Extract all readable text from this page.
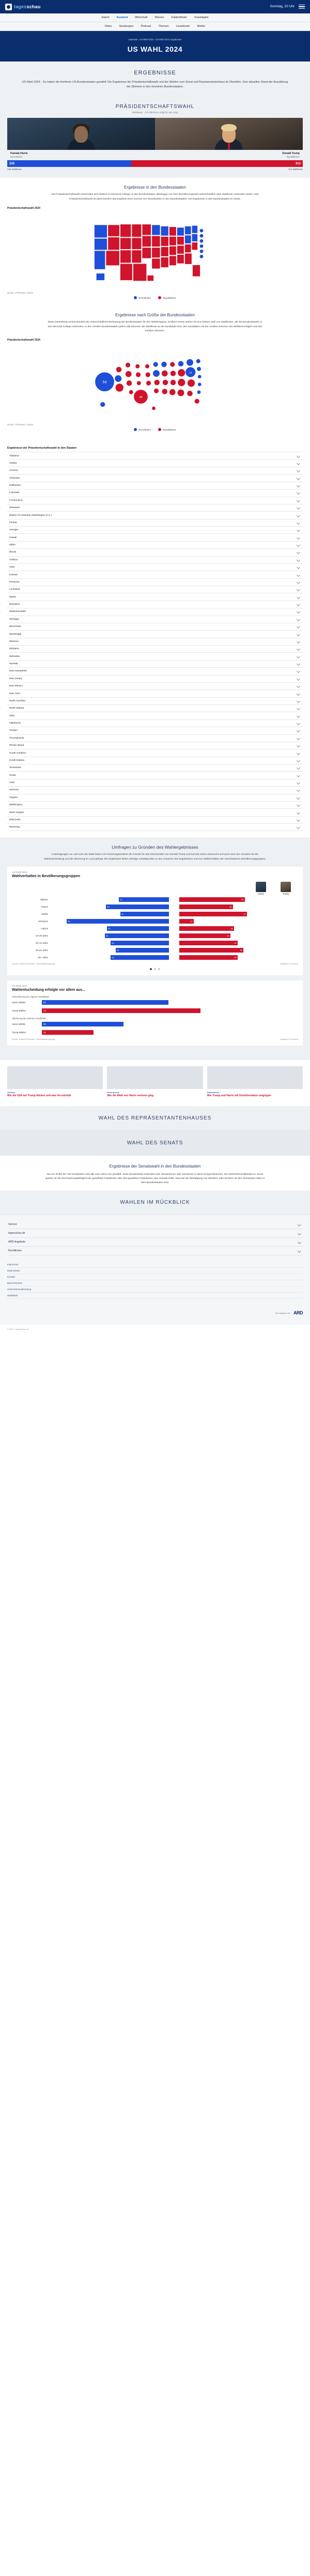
tagesschau	Sonntag, 20 Uhr
Inland	Ausland	Wirtschaft	Wissen	Faktenfinder	Investigativ
Video	Sendungen	Podcast	Themen	Livestream	Wetter
Startseite › US-Wahl 2024 › US-Wahl 2024: Ergebnisse
US WAHL 2024
ERGEBNISSE

US-Wahl 2024 – Es haben die Konferen US-Bundesstaaten gewählt: Die Ergebnisse der Präsidentschaftswahl und der Wahlen zum Senat und Repräsentantenhaus im Überblick. Zum aktuellen Stand der Auszählung der Stimmen in den einzelnen Bundesstaaten.

PRÄSIDENTSCHAFTSWAHL
Wahlleute · 270 Stimmen nötig für den Sieg
Kamala Harris
Demokraten
Donald Trump
Republikaner
226	312
226 Wahlleute	312 Wahlleute
Ergebnisse in den Bundesstaaten

Das Präsidentschaftswahl entscheidet sich letztlich im Electoral College: In den Bundesstaaten abhängige von ihrer Bevölkerungszahl unterschiedlich viele Wahlleute entsenden dürfen. Das Präsidentschaftswahl ist damit letztlich das Ergebnis einer Summe von Einzelwahlen in den Bundesstaaten. Die Ergebnisse in den Bundesstaaten im Detail.

Präsidentschaftswahl 2024
Quelle: AP/Reuters, eigene
Demokraten	Republikaner
Ergebnisse nach Größe der Bundesstaaten

Diese Darstellung veranschaulicht die unterschiedliche Bedeutung der Bundesstaaten für den Wahlausgang. Größere Kreise stehen für eine höhere Zahl von Wahlleuten, die der Bundesstaaten in das Electoral College entsenden. In den meisten Bundesstaaten gehen alle Stimmen der Wahlleute an die Kandidatin bzw. den Kandidaten mit der meisten Stimmen der Wahlberechtigten und den meisten Stimmen.

Präsidentschaftswahl 2024
54
40
19
Quelle: AP/Reuters, eigene
Demokraten	Republikaner
Ergebnisse der Präsidentschaftswahl in den Staaten
Alabama
Alaska
Arizona
Arkansas
Kalifornien
Colorado
Connecticut
Delaware
District of Columbia (Washington D.C.)
Florida
Georgia
Hawaii
Idaho
Illinois
Indiana
Iowa
Kansas
Kentucky
Louisiana
Maine
Maryland
Massachusetts
Michigan
Minnesota
Mississippi
Missouri
Montana
Nebraska
Nevada
New Hampshire
New Jersey
New Mexico
New York
North Carolina
North Dakota
Ohio
Oklahoma
Oregon
Pennsylvania
Rhode Island
South Carolina
South Dakota
Tennessee
Texas
Utah
Vermont
Virginia
Washington
West Virginia
Wisconsin
Wyoming
Umfragen zu Gründen des Wahlergebnisses

In Befragungen vor und nach der Wahl haben US-Forschungsinstitute die Gründe für das Abschneiden von Donald Trump und Kamala Harris untersucht und auch nach den Gründen für die Wahlentscheidung und die Stimmung im Land gefragt. Die Ergebnisse liefern wichtige Anhaltspunkte zu den Ursachen des Ergebnisses und zum Wahlverhalten der verschiedenen Bevölkerungsgruppen.

US-Wahl 2024
Wahlverhalten in Bevölkerungsgruppen
Harris	Trump
Männer	42	55
Frauen	53	45
Weiße	41	57
Schwarze	86	12
Latinos	52	46
18–29 Jahre	54	43
30–44 Jahre	49	49
45–64 Jahre	45	54
65+ Jahre	49	49
Quelle: Edison Research / Nachwahlbefragung	Angaben in Prozent
US-Wahl 2024
Wahlentscheidung erfolgte vor allem aus...
Unterstützung der eigenen Kandidatin
Harris-Wähler	59
Trump-Wähler	74
Ablehnung der anderen Kandidatin
Harris-Wähler	38
Trump-Wähler	24
Quelle: Edison Research / Nachwahlbefragung	Angaben in Prozent
Analyse
Wie die USA auf Trump blicken und was ihn antreibt
Hintergrund
Wie die Wahl von Harris verloren ging
Faktenfinder
Wie Trump und Harris mit Desinformation umgingen
WAHL DES REPRÄSENTANTENHAUSES
WAHL DES SENATS
Ergebnisse der Senatswahl in den Bundesstaaten

Nur ein Drittel der 100 Senatssitze wird alle zwei Jahre neu gewählt. Jeder Bundesstaat entsendet zwei Senatorinnen oder Senatoren in diese Kongresskammer. Die Mehrheitsverhältnisse im Senat spielen für die Durchsetzungsfähigkeit der gewählten Präsidentin oder des gewählten Präsidenten eine zentrale Rolle, etwa bei der Bestätigung von Ministern oder Richtern an den Senatssitze allein in dem Bundesstaaten sind.

WAHLEN IM RÜCKBLICK
Service
tagesschau.de
ARD Angebote
Rechtliches
Impressum
Datenschutz
Kontakt
Barrierefreiheit
Unternehmensberatung
Mediathek
Ein Angebot der ARD
© ARD / tagesschau.de
